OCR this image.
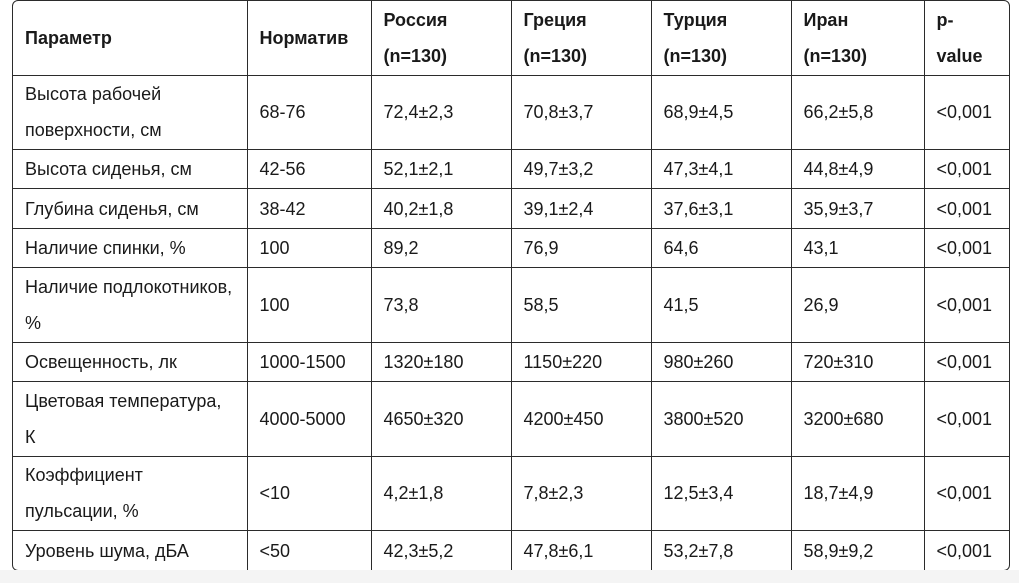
Параметр	Норматив	Россия (n=130)	Греция (n=130)	Турция (n=130)	Иран (n=130)	p-value
Высота рабочей поверхности, см	68-76	72,4±2,3	70,8±3,7	68,9±4,5	66,2±5,8	<0,001
Высота сиденья, см	42-56	52,1±2,1	49,7±3,2	47,3±4,1	44,8±4,9	<0,001
Глубина сиденья, см	38-42	40,2±1,8	39,1±2,4	37,6±3,1	35,9±3,7	<0,001
Наличие спинки, %	100	89,2	76,9	64,6	43,1	<0,001
Наличие подлокотников, %	100	73,8	58,5	41,5	26,9	<0,001
Освещенность, лк	1000-1500	1320±180	1150±220	980±260	720±310	<0,001
Цветовая температура, К	4000-5000	4650±320	4200±450	3800±520	3200±680	<0,001
Коэффициент пульсации, %	<10	4,2±1,8	7,8±2,3	12,5±3,4	18,7±4,9	<0,001
Уровень шума, дБА	<50	42,3±5,2	47,8±6,1	53,2±7,8	58,9±9,2	<0,001
